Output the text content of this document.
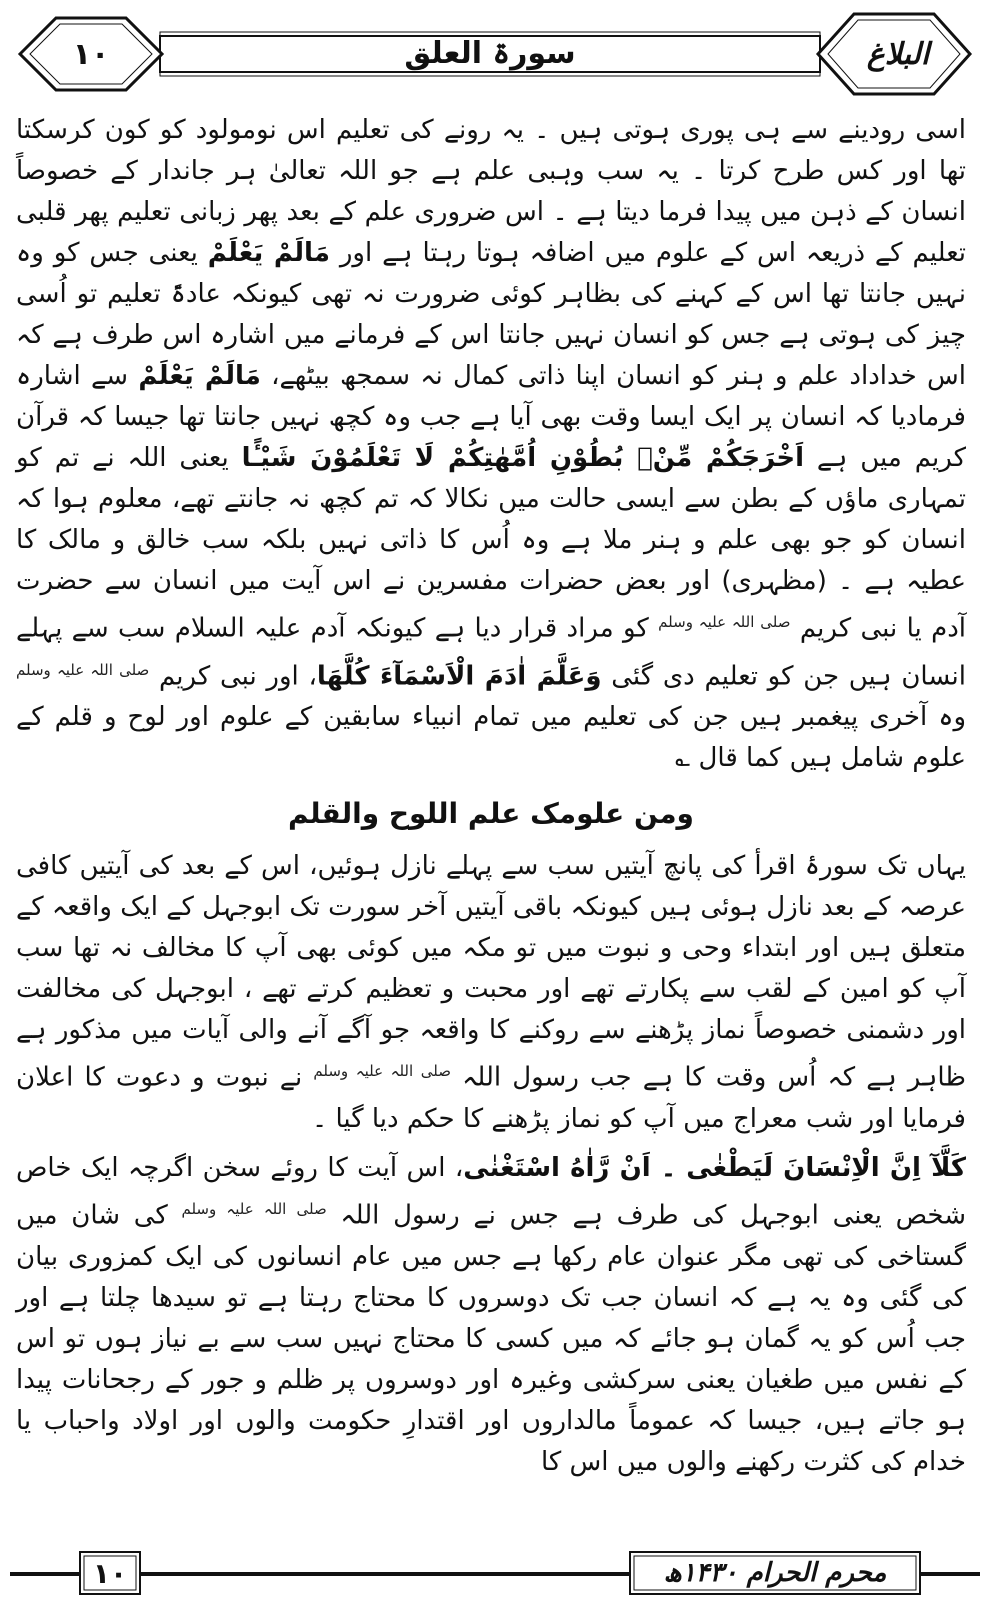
۱۰	سورۃ العلق	البلاغ

اسی رودینے سے ہی پوری ہوتی ہیں ۔ یہ رونے کی تعلیم اس نومولود کو کون کرسکتا تھا اور کس طرح کرتا ۔ یہ سب وہبی علم ہے جو اللہ تعالیٰ ہر جاندار کے خصوصاً انسان کے ذہن میں پیدا فرما دیتا ہے ۔ اس ضروری علم کے بعد پھر زبانی تعلیم پھر قلبی تعلیم کے ذریعہ اس کے علوم میں اضافہ ہوتا رہتا ہے اور مَالَمْ يَعْلَمْ یعنی جس کو وہ نہیں جانتا تھا اس کے کہنے کی بظاہر کوئی ضرورت نہ تھی کیونکہ عادۃً تعلیم تو اُسی چیز کی ہوتی ہے جس کو انسان نہیں جانتا اس کے فرمانے میں اشارہ اس طرف ہے کہ اس خداداد علم و ہنر کو انسان اپنا ذاتی کمال نہ سمجھ بیٹھے، مَالَمْ يَعْلَمْ سے اشارہ فرمادیا کہ انسان پر ایک ایسا وقت بھی آیا ہے جب وہ کچھ نہیں جانتا تھا جیسا کہ قرآن کریم میں ہے اَخْرَجَكُمْ مِّنْۢ بُطُوْنِ اُمَّهٰتِكُمْ لَا تَعْلَمُوْنَ شَيْـًٔا یعنی اللہ نے تم کو تمہاری ماؤں کے بطن سے ایسی حالت میں نکالا کہ تم کچھ نہ جانتے تھے، معلوم ہوا کہ انسان کو جو بھی علم و ہنر ملا ہے وہ اُس کا ذاتی نہیں بلکہ سب خالق و مالک کا عطیہ ہے ۔ (مظہری) اور بعض حضرات مفسرین نے اس آیت میں انسان سے حضرت آدم یا نبی کریم $^{صلی اللہ علیہ وسلم}$ کو مراد قرار دیا ہے کیونکہ آدم علیہ السلام سب سے پہلے انسان ہیں جن کو تعلیم دی گئی وَعَلَّمَ اٰدَمَ الْاَسْمَآءَ كُلَّهَا، اور نبی کریم $^{صلی اللہ علیہ وسلم}$ وہ آخری پیغمبر ہیں جن کی تعلیم میں تمام انبیاء سابقین کے علوم اور لوح و قلم کے علوم شامل ہیں کما قال ؎

ومن علومک علم اللوح والقلم

یہاں تک سورۂ اقرأ کی پانچ آیتیں سب سے پہلے نازل ہوئیں، اس کے بعد کی آیتیں کافی عرصہ کے بعد نازل ہوئی ہیں کیونکہ باقی آیتیں آخر سورت تک ابوجہل کے ایک واقعہ کے متعلق ہیں اور ابتداء وحی و نبوت میں تو مکہ میں کوئی بھی آپ کا مخالف نہ تھا سب آپ کو امین کے لقب سے پکارتے تھے اور محبت و تعظیم کرتے تھے ، ابوجہل کی مخالفت اور دشمنی خصوصاً نماز پڑھنے سے روکنے کا واقعہ جو آگے آنے والی آیات میں مذکور ہے ظاہر ہے کہ اُس وقت کا ہے جب رسول اللہ $^{صلی اللہ علیہ وسلم}$ نے نبوت و دعوت کا اعلان فرمایا اور شب معراج میں آپ کو نماز پڑھنے کا حکم دیا گیا ۔

كَلَّآ اِنَّ الْاِنْسَانَ لَيَطْغٰى ۔ اَنْ رَّاٰهُ اسْتَغْنٰى، اس آیت کا روئے سخن اگرچہ ایک خاص شخص یعنی ابوجہل کی طرف ہے جس نے رسول اللہ $^{صلی اللہ علیہ وسلم}$ کی شان میں گستاخی کی تھی مگر عنوان عام رکھا ہے جس میں عام انسانوں کی ایک کمزوری بیان کی گئی وہ یہ ہے کہ انسان جب تک دوسروں کا محتاج رہتا ہے تو سیدھا چلتا ہے اور جب اُس کو یہ گمان ہو جائے کہ میں کسی کا محتاج نہیں سب سے بے نیاز ہوں تو اس کے نفس میں طغیان یعنی سرکشی وغیرہ اور دوسروں پر ظلم و جور کے رجحانات پیدا ہو جاتے ہیں، جیسا کہ عموماً مالداروں اور اقتدارِ حکومت والوں اور اولاد واحباب یا خدام کی کثرت رکھنے والوں میں اس کا

۱۰	محرم الحرام ۱۴۳۰ھ
